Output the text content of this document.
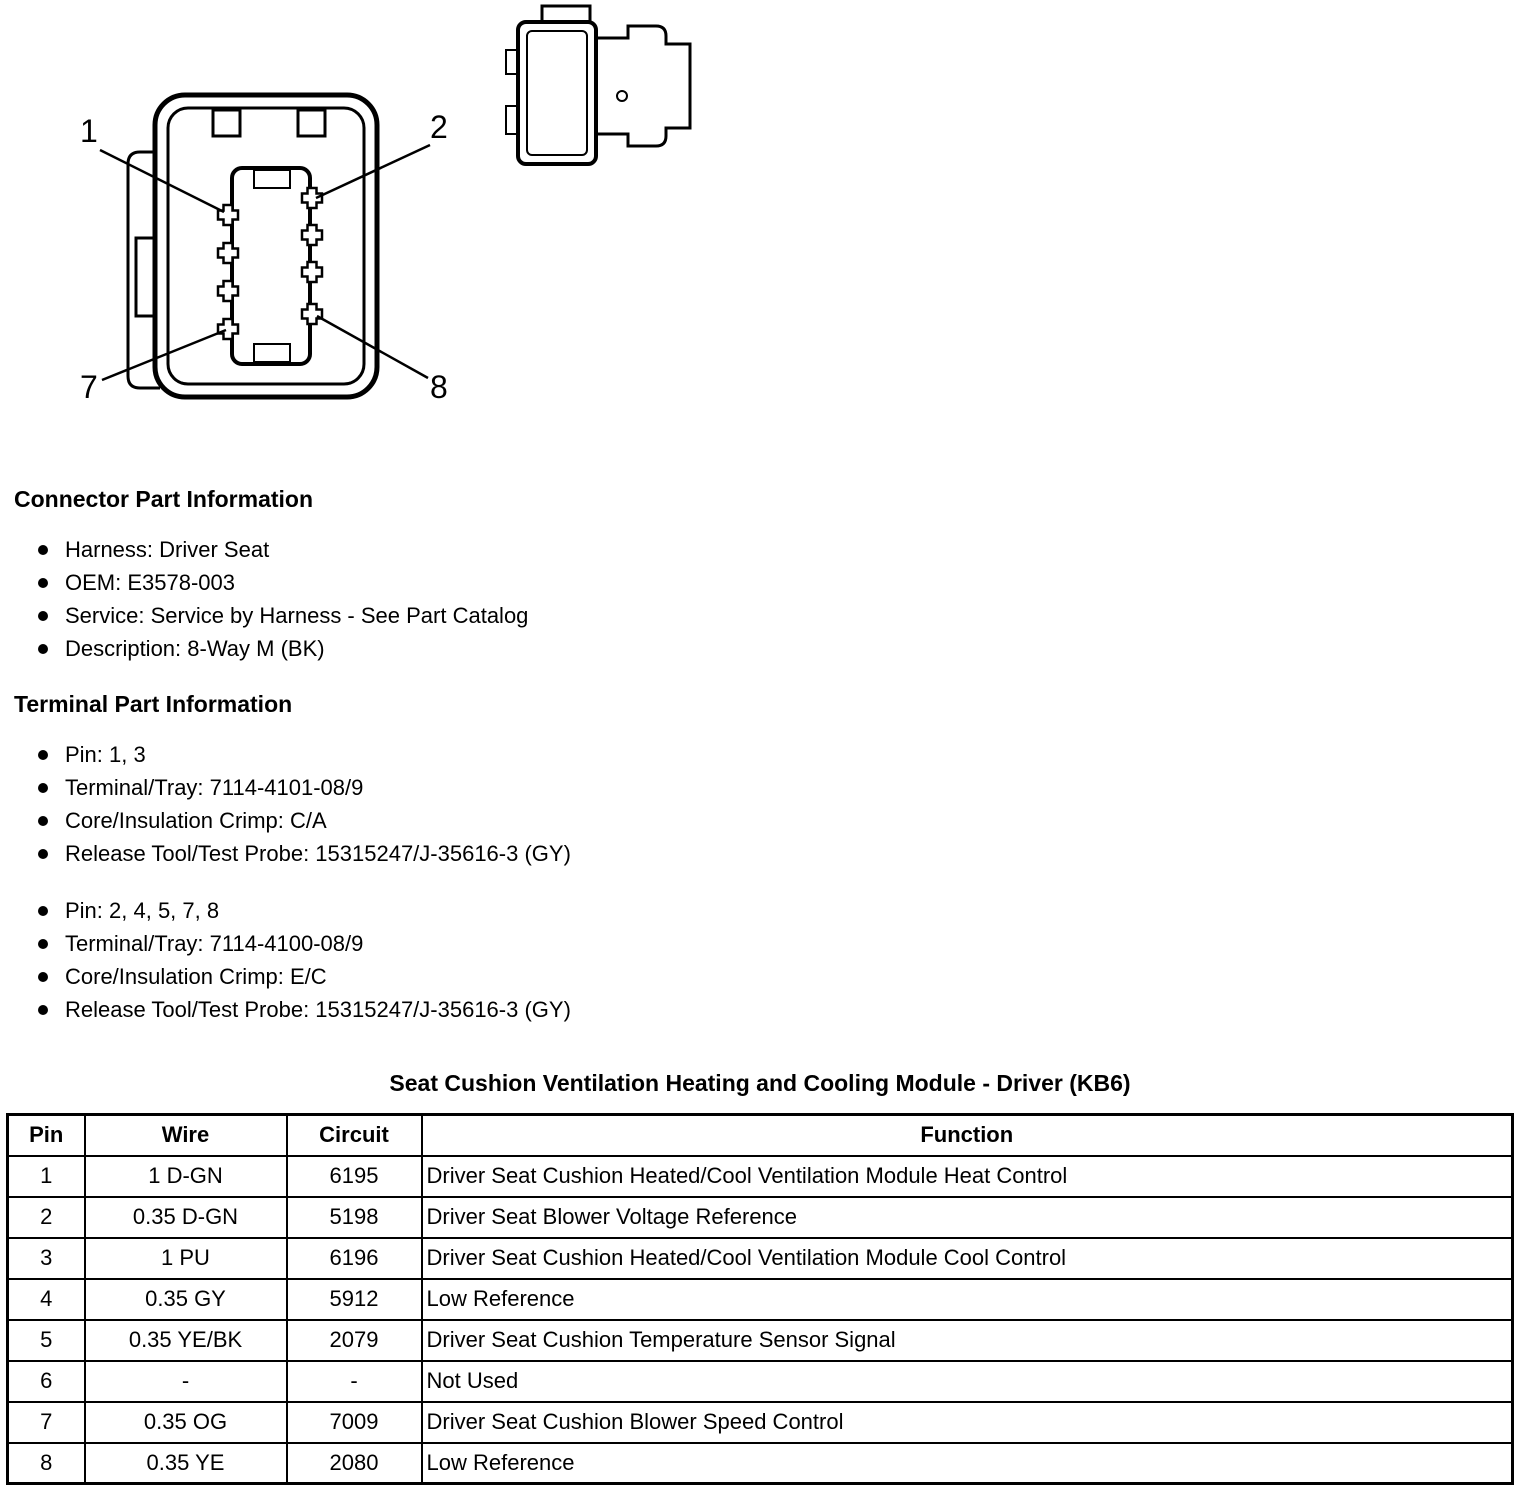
1	2
7	8
Connector Part Information
Harness: Driver Seat
OEM: E3578-003
Service: Service by Harness - See Part Catalog
Description: 8-Way M (BK)
Terminal Part Information
Pin: 1, 3
Terminal/Tray: 7114-4101-08/9
Core/Insulation Crimp: C/A
Release Tool/Test Probe: 15315247/J-35616-3 (GY)
Pin: 2, 4, 5, 7, 8
Terminal/Tray: 7114-4100-08/9
Core/Insulation Crimp: E/C
Release Tool/Test Probe: 15315247/J-35616-3 (GY)
Seat Cushion Ventilation Heating and Cooling Module - Driver (KB6)
Pin	Wire	Circuit	Function
1	1 D-GN	6195	Driver Seat Cushion Heated/Cool Ventilation Module Heat Control
2	0.35 D-GN	5198	Driver Seat Blower Voltage Reference
3	1 PU	6196	Driver Seat Cushion Heated/Cool Ventilation Module Cool Control
4	0.35 GY	5912	Low Reference
5	0.35 YE/BK	2079	Driver Seat Cushion Temperature Sensor Signal
6	-	-	Not Used
7	0.35 OG	7009	Driver Seat Cushion Blower Speed Control
8	0.35 YE	2080	Low Reference
